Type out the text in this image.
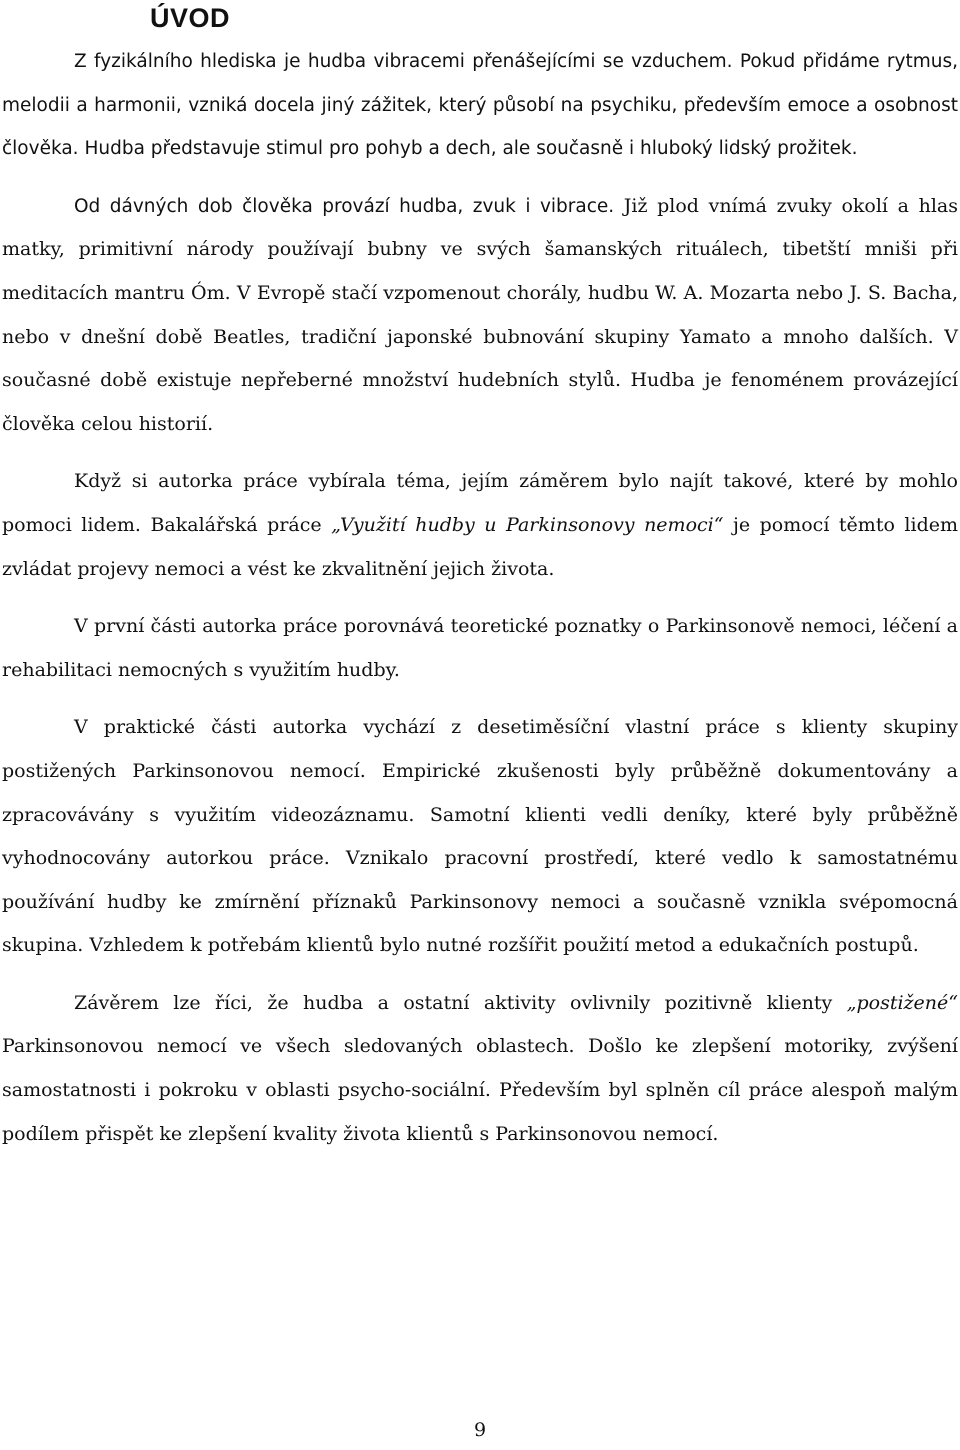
ÚVOD

Z fyzikálního hlediska je hudba vibracemi přenášejícími se vzduchem. Pokud přidáme rytmus, melodii a harmonii, vzniká docela jiný zážitek, který působí na psychiku, především emoce a osobnost člověka. Hudba představuje stimul pro pohyb a dech, ale současně i hluboký lidský prožitek.

Od dávných dob člověka provází hudba, zvuk i vibrace. Již plod vnímá zvuky okolí a hlas matky, primitivní národy používají bubny ve svých šamanských rituálech, tibetští mniši při meditacích mantru Óm. V Evropě stačí vzpomenout chorály, hudbu W. A. Mozarta nebo J. S. Bacha, nebo v dnešní době Beatles, tradiční japonské bubnování skupiny Yamato a mnoho dalších. V současné době existuje nepřeberné množství hudebních stylů. Hudba je fenoménem provázející člověka celou historií.

Když si autorka práce vybírala téma, jejím záměrem bylo najít takové, které by mohlo pomoci lidem. Bakalářská práce „Využití hudby u Parkinsonovy nemoci“ je pomocí těmto lidem zvládat projevy nemoci a vést ke zkvalitnění jejich života.

V první části autorka práce porovnává teoretické poznatky o Parkinsonově nemoci, léčení a rehabilitaci nemocných s využitím hudby.

V praktické části autorka vychází z desetiměsíční vlastní práce s klienty skupiny postižených Parkinsonovou nemocí. Empirické zkušenosti byly průběžně dokumentovány a zpracovávány s využitím videozáznamu. Samotní klienti vedli deníky, které byly průběžně vyhodnocovány autorkou práce. Vznikalo pracovní prostředí, které vedlo k samostatnému používání hudby ke zmírnění příznaků Parkinsonovy nemoci a současně vznikla svépomocná skupina. Vzhledem k potřebám klientů bylo nutné rozšířit použití metod a edukačních postupů.

Závěrem lze říci, že hudba a ostatní aktivity ovlivnily pozitivně klienty „postižené“ Parkinsonovou nemocí ve všech sledovaných oblastech. Došlo ke zlepšení motoriky, zvýšení samostatnosti i pokroku v oblasti psycho-sociální. Především byl splněn cíl práce alespoň malým podílem přispět ke zlepšení kvality života klientů s Parkinsonovou nemocí.

9
